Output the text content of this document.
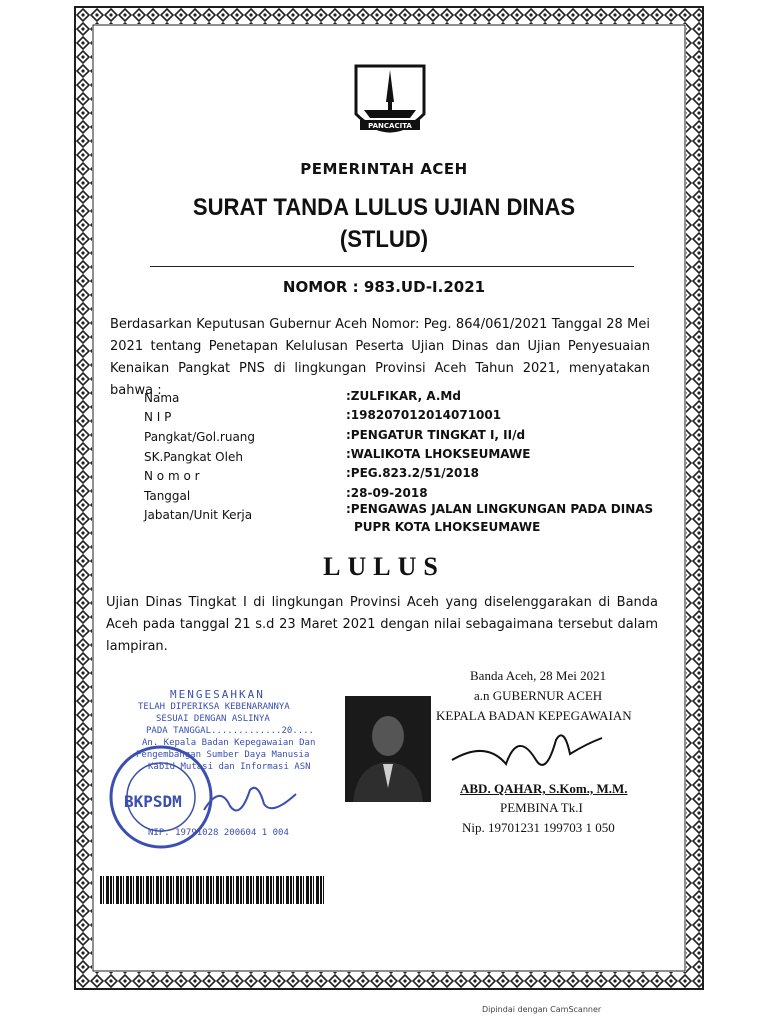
PANCACITA
PEMERINTAH ACEH
SURAT TANDA LULUS UJIAN DINAS
(STLUD)
NOMOR : 983.UD-I.2021
Berdasarkan Keputusan Gubernur Aceh Nomor: Peg. 864/061/2021 Tanggal 28 Mei 2021 tentang Penetapan Kelulusan Peserta Ujian Dinas dan Ujian Penyesuaian Kenaikan Pangkat PNS di lingkungan Provinsi Aceh Tahun 2021, menyatakan bahwa :
Nama	:ZULFIKAR, A.Md
N I P	:198207012014071001
Pangkat/Gol.ruang	:PENGATUR TINGKAT I, II/d
SK.Pangkat Oleh	:WALIKOTA LHOKSEUMAWE
N o m o r	:PEG.823.2/51/2018
Tanggal	:28-09-2018
Jabatan/Unit Kerja	:PENGAWAS JALAN LINGKUNGAN PADA DINAS
PUPR KOTA LHOKSEUMAWE
LULUS
Ujian Dinas Tingkat I di lingkungan Provinsi Aceh yang diselenggarakan di Banda Aceh pada tanggal 21 s.d 23 Maret 2021 dengan nilai sebagaimana tersebut dalam lampiran.
MENGESAHKAN
TELAH DIPERIKSA KEBENARANNYA
SESUAI DENGAN ASLINYA
PADA TANGGAL.............20....
An. Kepala Badan Kepegawaian Dan
Pengembangan Sumber Daya Manusia
Kabid Mutasi dan Informasi ASN
BKPSDM
NIP. 19791028 200604 1 004
Banda Aceh, 28 Mei 2021
a.n GUBERNUR ACEH
KEPALA BADAN KEPEGAWAIAN
ABD. QAHAR, S.Kom., M.M.
PEMBINA Tk.I
Nip. 19701231 199703 1 050
Dipindai dengan CamScanner
